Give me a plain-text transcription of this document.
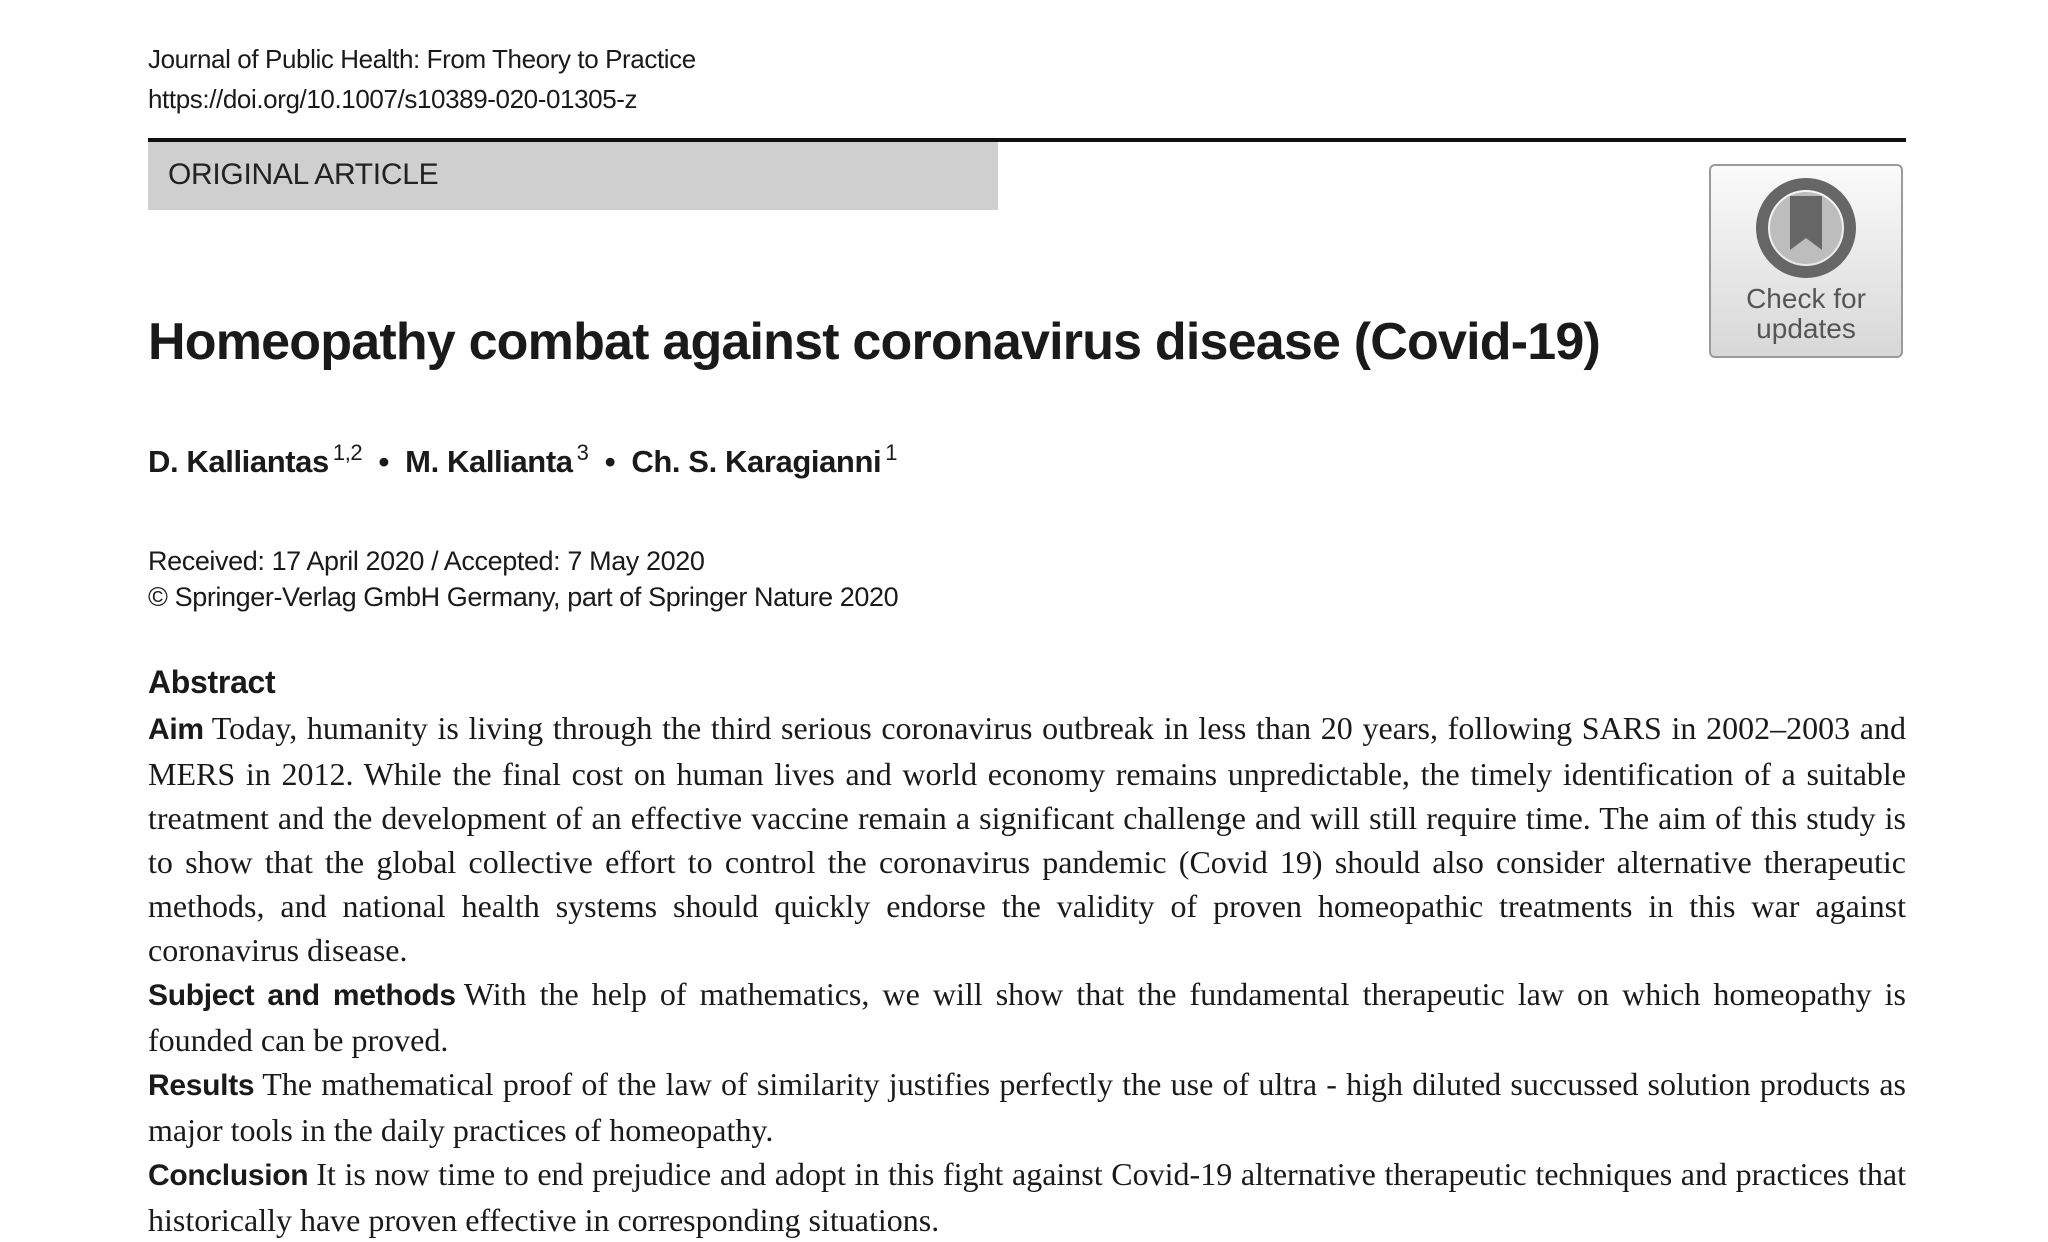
Journal of Public Health: From Theory to Practice
https://doi.org/10.1007/s10389-020-01305-z
ORIGINAL ARTICLE
Check for
updates
Homeopathy combat against coronavirus disease (Covid-19)
D. Kalliantas $^{1,2}$ • M. Kallianta $^3$ • Ch. S. Karagianni $^1$
Received: 17 April 2020 / Accepted: 7 May 2020
© Springer-Verlag GmbH Germany, part of Springer Nature 2020
Abstract

Aim Today, humanity is living through the third serious coronavirus outbreak in less than 20 years, following SARS in 2002–2003 and MERS in 2012. While the final cost on human lives and world economy remains unpredictable, the timely identification of a suitable treatment and the development of an effective vaccine remain a significant challenge and will still require time. The aim of this study is to show that the global collective effort to control the coronavirus pandemic (Covid 19) should also consider alternative therapeutic methods, and national health systems should quickly endorse the validity of proven homeopathic treatments in this war against coronavirus disease.

Subject and methods With the help of mathematics, we will show that the fundamental therapeutic law on which homeopathy is founded can be proved.

Results The mathematical proof of the law of similarity justifies perfectly the use of ultra - high diluted succussed solution products as major tools in the daily practices of homeopathy.

Conclusion It is now time to end prejudice and adopt in this fight against Covid-19 alternative therapeutic techniques and practices that historically have proven effective in corresponding situations.
